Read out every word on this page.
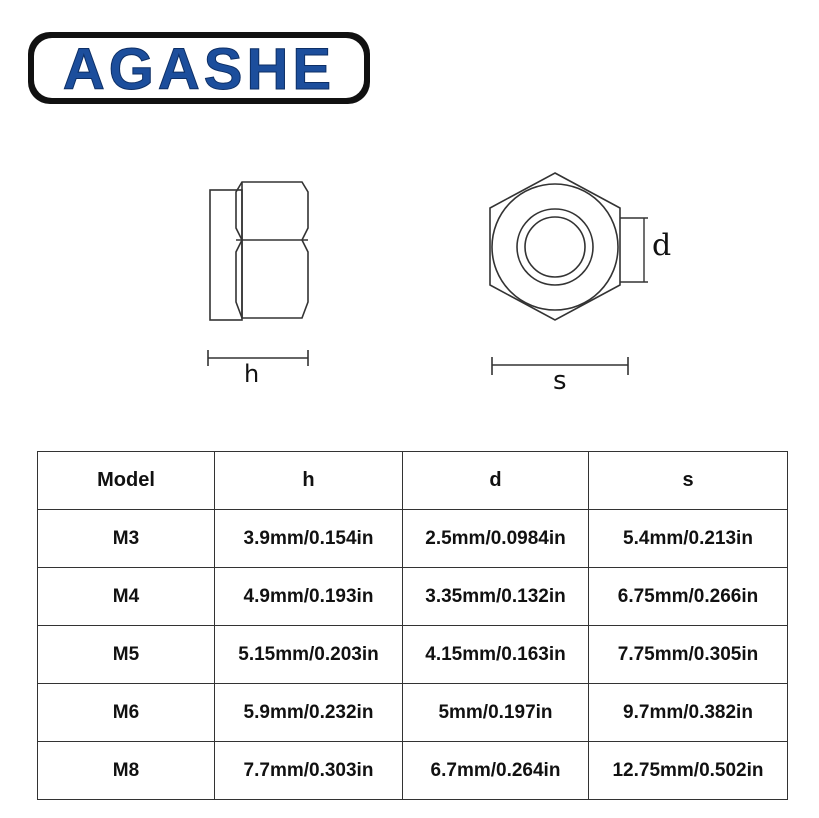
AGASHE
h
d
s
Model	h	d	s
M3	3.9mm/0.154in	2.5mm/0.0984in	5.4mm/0.213in
M4	4.9mm/0.193in	3.35mm/0.132in	6.75mm/0.266in
M5	5.15mm/0.203in	4.15mm/0.163in	7.75mm/0.305in
M6	5.9mm/0.232in	5mm/0.197in	9.7mm/0.382in
M8	7.7mm/0.303in	6.7mm/0.264in	12.75mm/0.502in
